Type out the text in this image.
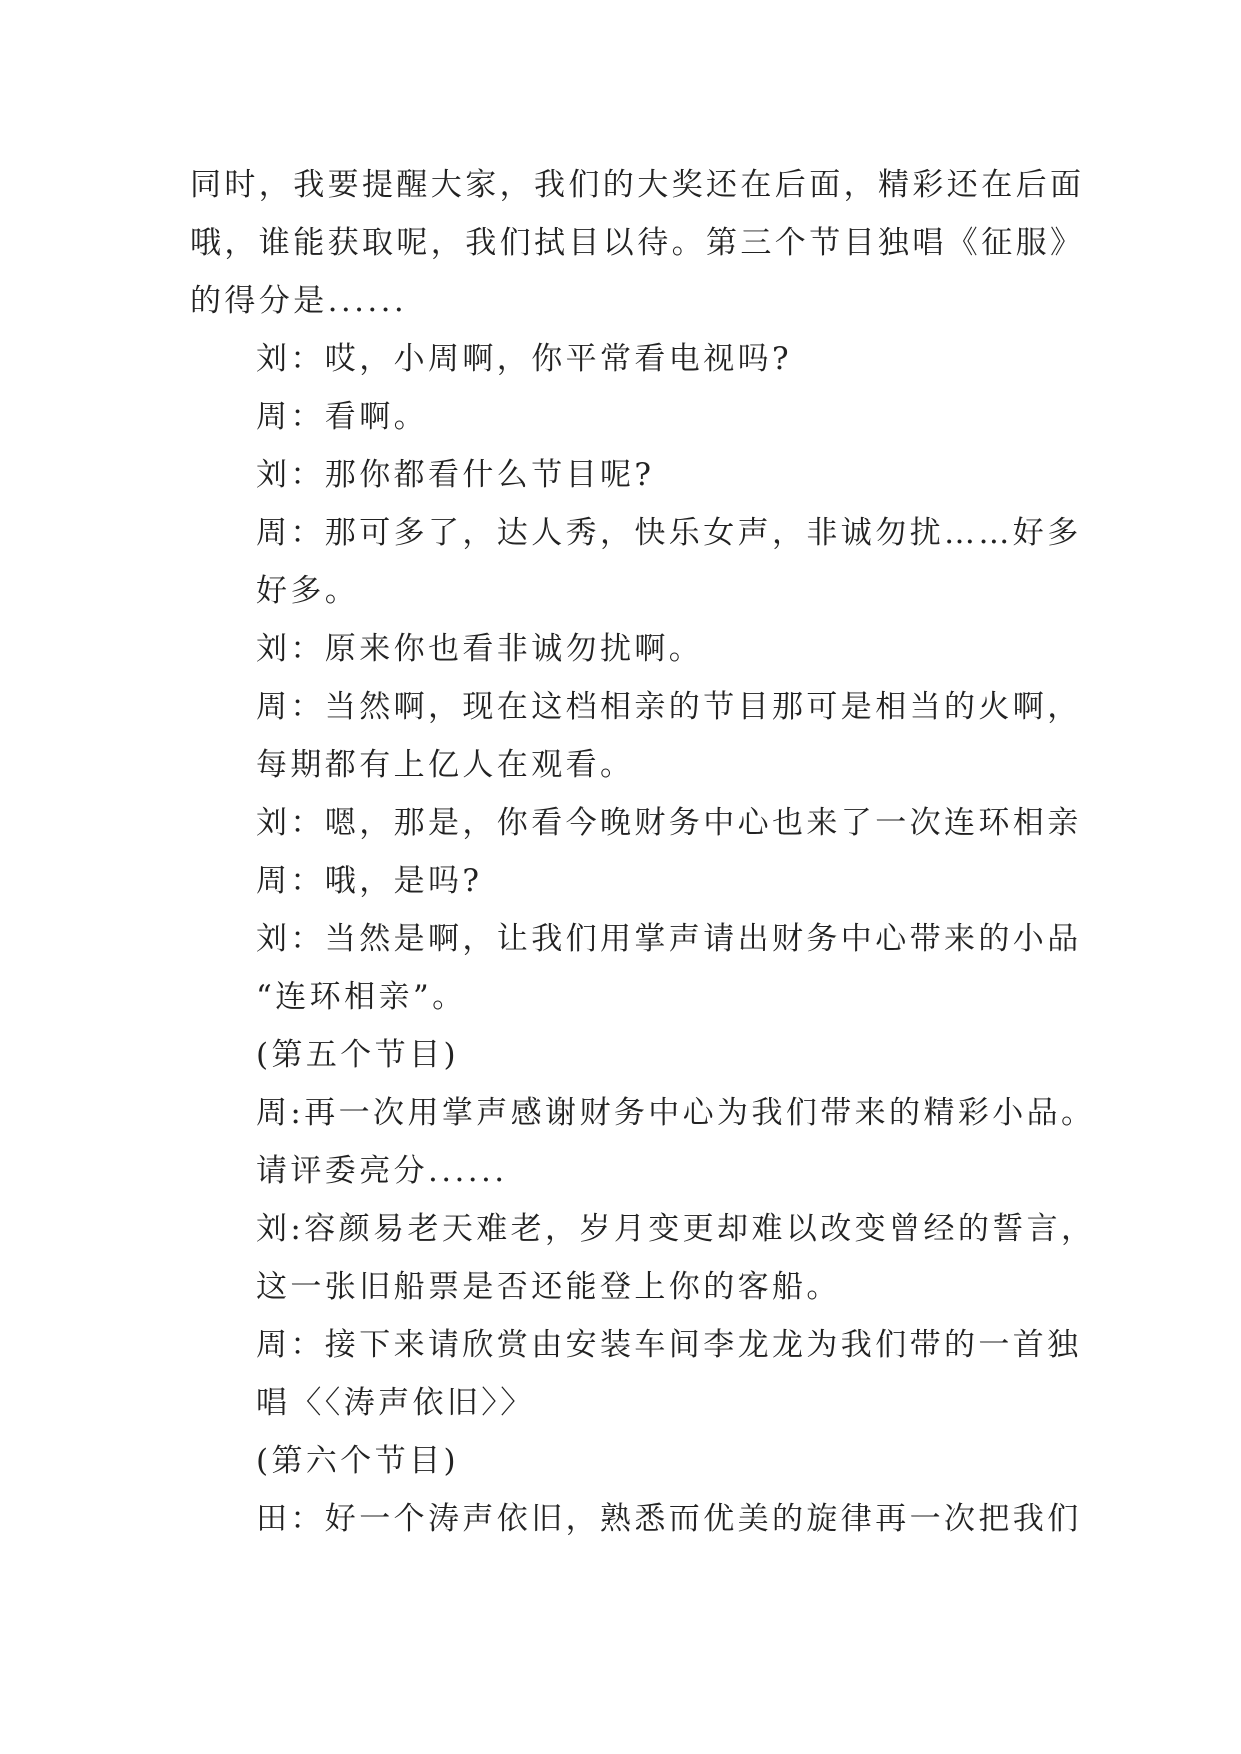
同时，我要提醒大家，我们的大奖还在后面，精彩还在后面
哦，谁能获取呢，我们拭目以待。第三个节目独唱《征服》
的得分是......

刘：哎，小周啊，你平常看电视吗?

周：看啊。

刘：那你都看什么节目呢?

周：那可多了，达人秀，快乐女声，非诚勿扰……好多
好多。

刘：原来你也看非诚勿扰啊。

周：当然啊，现在这档相亲的节目那可是相当的火啊，
每期都有上亿人在观看。

刘：嗯，那是，你看今晚财务中心也来了一次连环相亲

周：哦，是吗?

刘：当然是啊，让我们用掌声请出财务中心带来的小品
“连环相亲”。

(第五个节目)

周:再一次用掌声感谢财务中心为我们带来的精彩小品。
请评委亮分......

刘:容颜易老天难老，岁月变更却难以改变曾经的誓言，
这一张旧船票是否还能登上你的客船。

周：接下来请欣赏由安装车间李龙龙为我们带的一首独
唱〈〈涛声依旧〉〉

(第六个节目)

田：好一个涛声依旧，熟悉而优美的旋律再一次把我们
